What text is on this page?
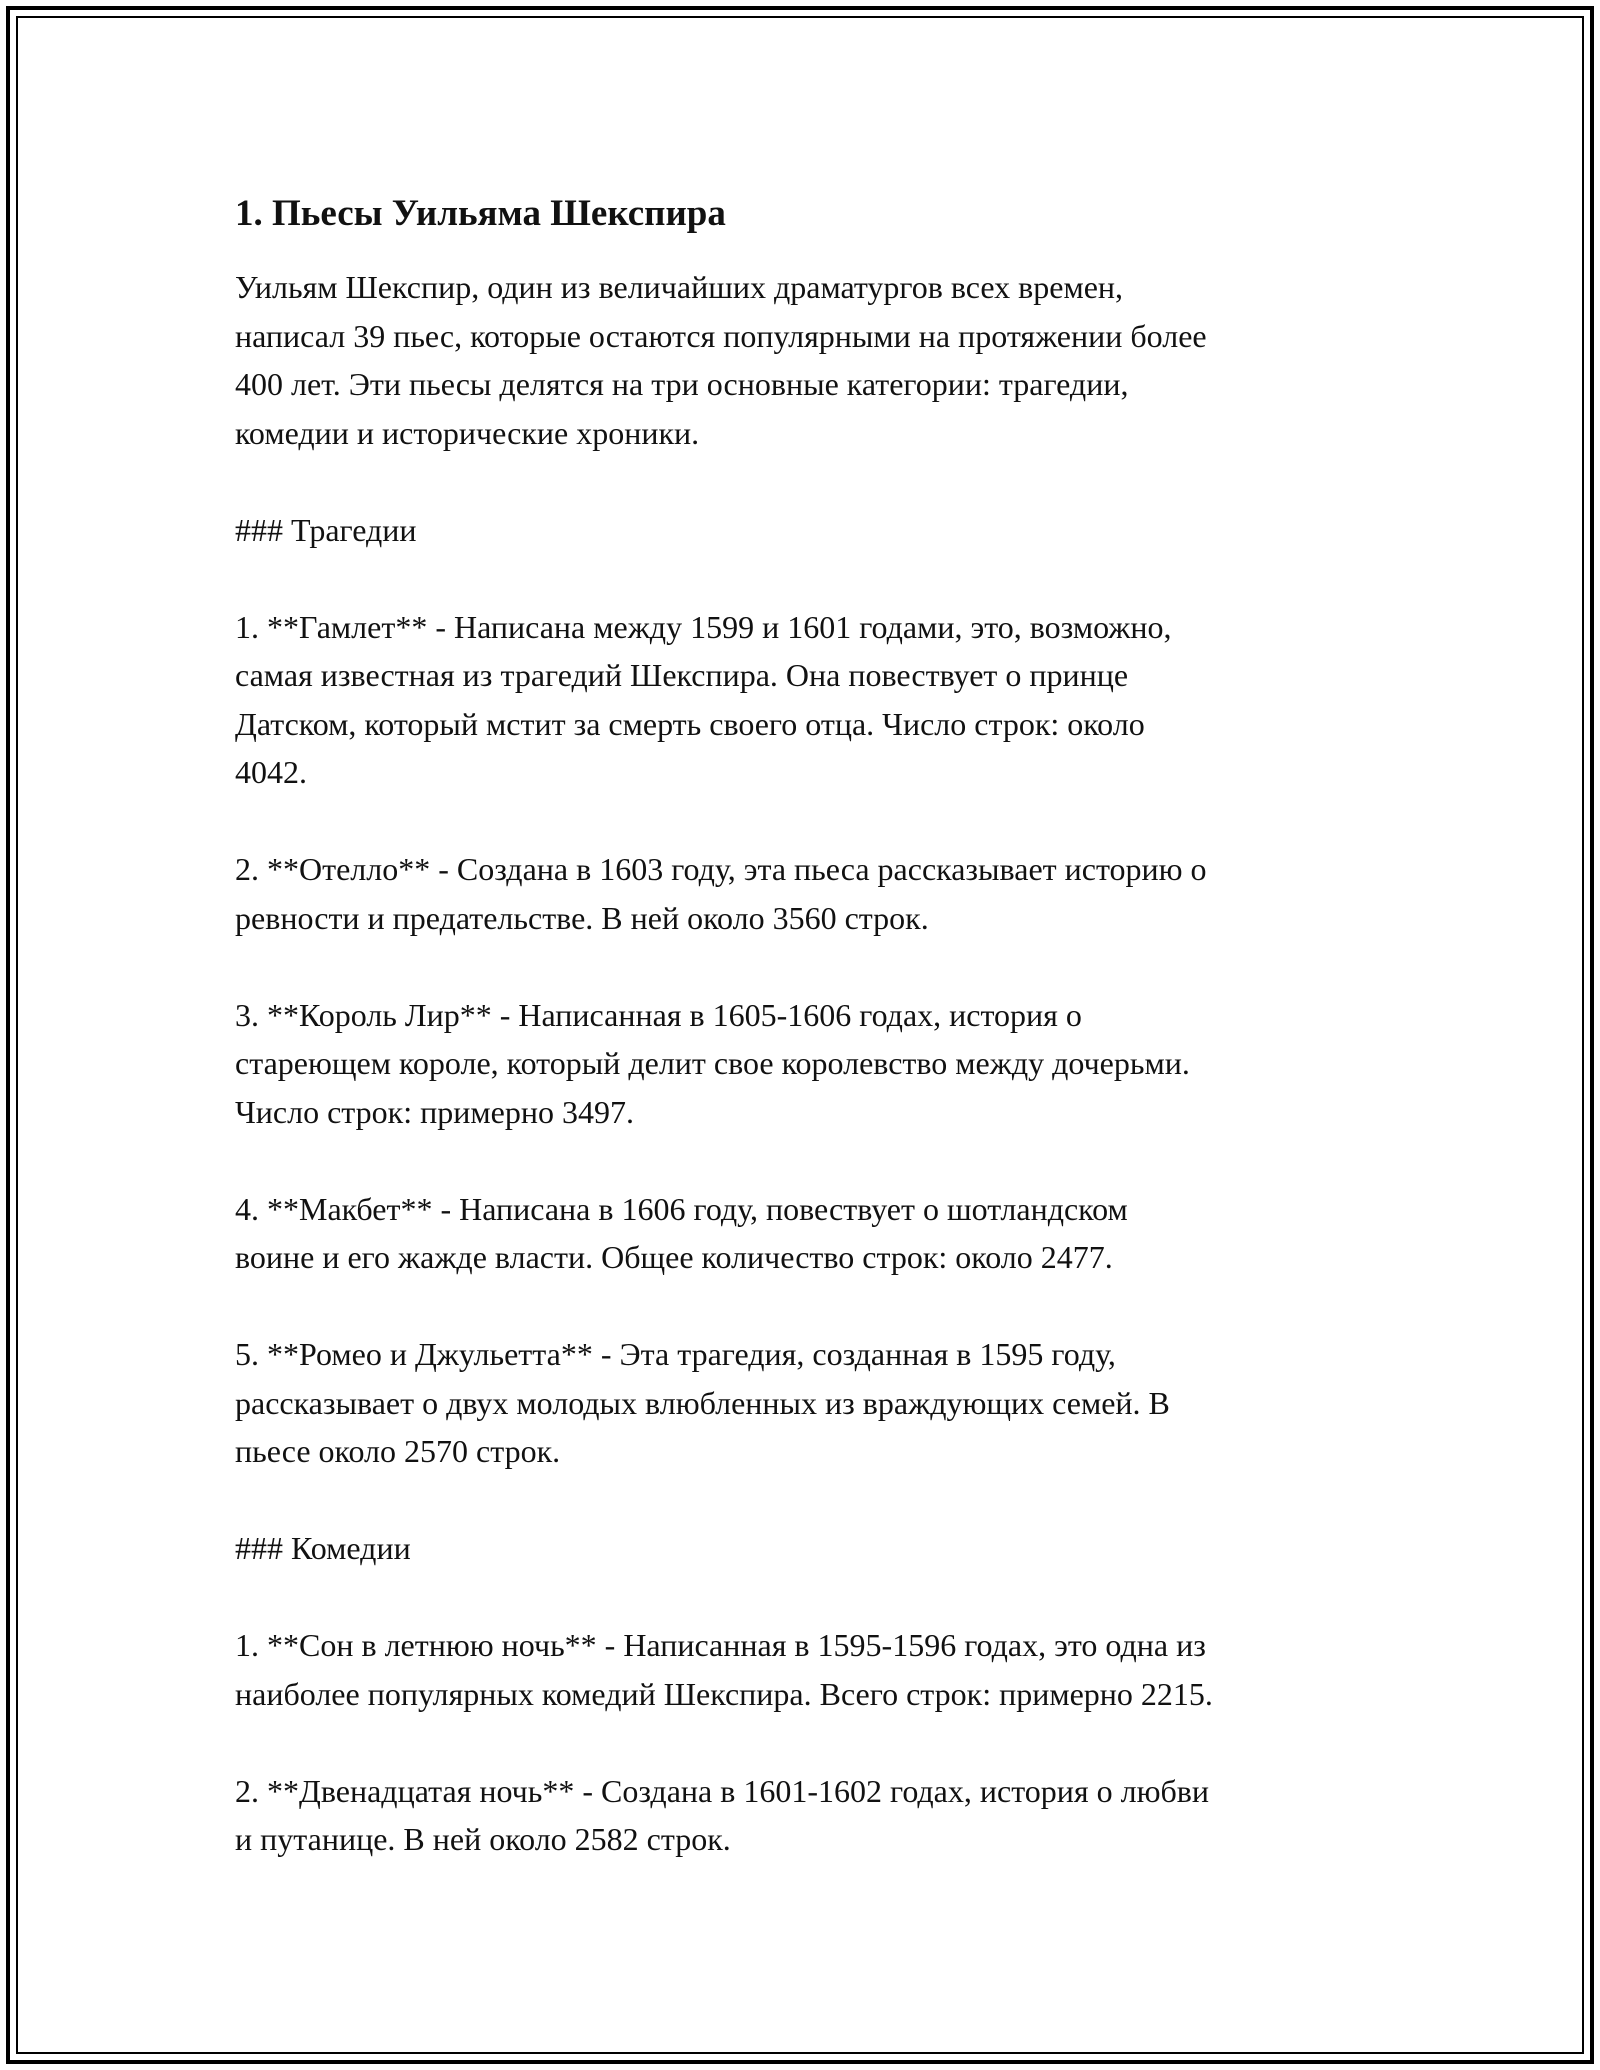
1. Пьесы Уильяма Шекспира

Уильям Шекспир, один из величайших драматургов всех времен,
написал 39 пьес, которые остаются популярными на протяжении более
400 лет. Эти пьесы делятся на три основные категории: трагедии,
комедии и исторические хроники.

### Трагедии

1. **Гамлет** - Написана между 1599 и 1601 годами, это, возможно,
самая известная из трагедий Шекспира. Она повествует о принце
Датском, который мстит за смерть своего отца. Число строк: около
4042.

2. **Отелло** - Создана в 1603 году, эта пьеса рассказывает историю о
ревности и предательстве. В ней около 3560 строк.

3. **Король Лир** - Написанная в 1605-1606 годах, история о
стареющем короле, который делит свое королевство между дочерьми.
Число строк: примерно 3497.

4. **Макбет** - Написана в 1606 году, повествует о шотландском
воине и его жажде власти. Общее количество строк: около 2477.

5. **Ромео и Джульетта** - Эта трагедия, созданная в 1595 году,
рассказывает о двух молодых влюбленных из враждующих семей. В
пьесе около 2570 строк.

### Комедии

1. **Сон в летнюю ночь** - Написанная в 1595-1596 годах, это одна из
наиболее популярных комедий Шекспира. Всего строк: примерно 2215.

2. **Двенадцатая ночь** - Создана в 1601-1602 годах, история о любви
и путанице. В ней около 2582 строк.
